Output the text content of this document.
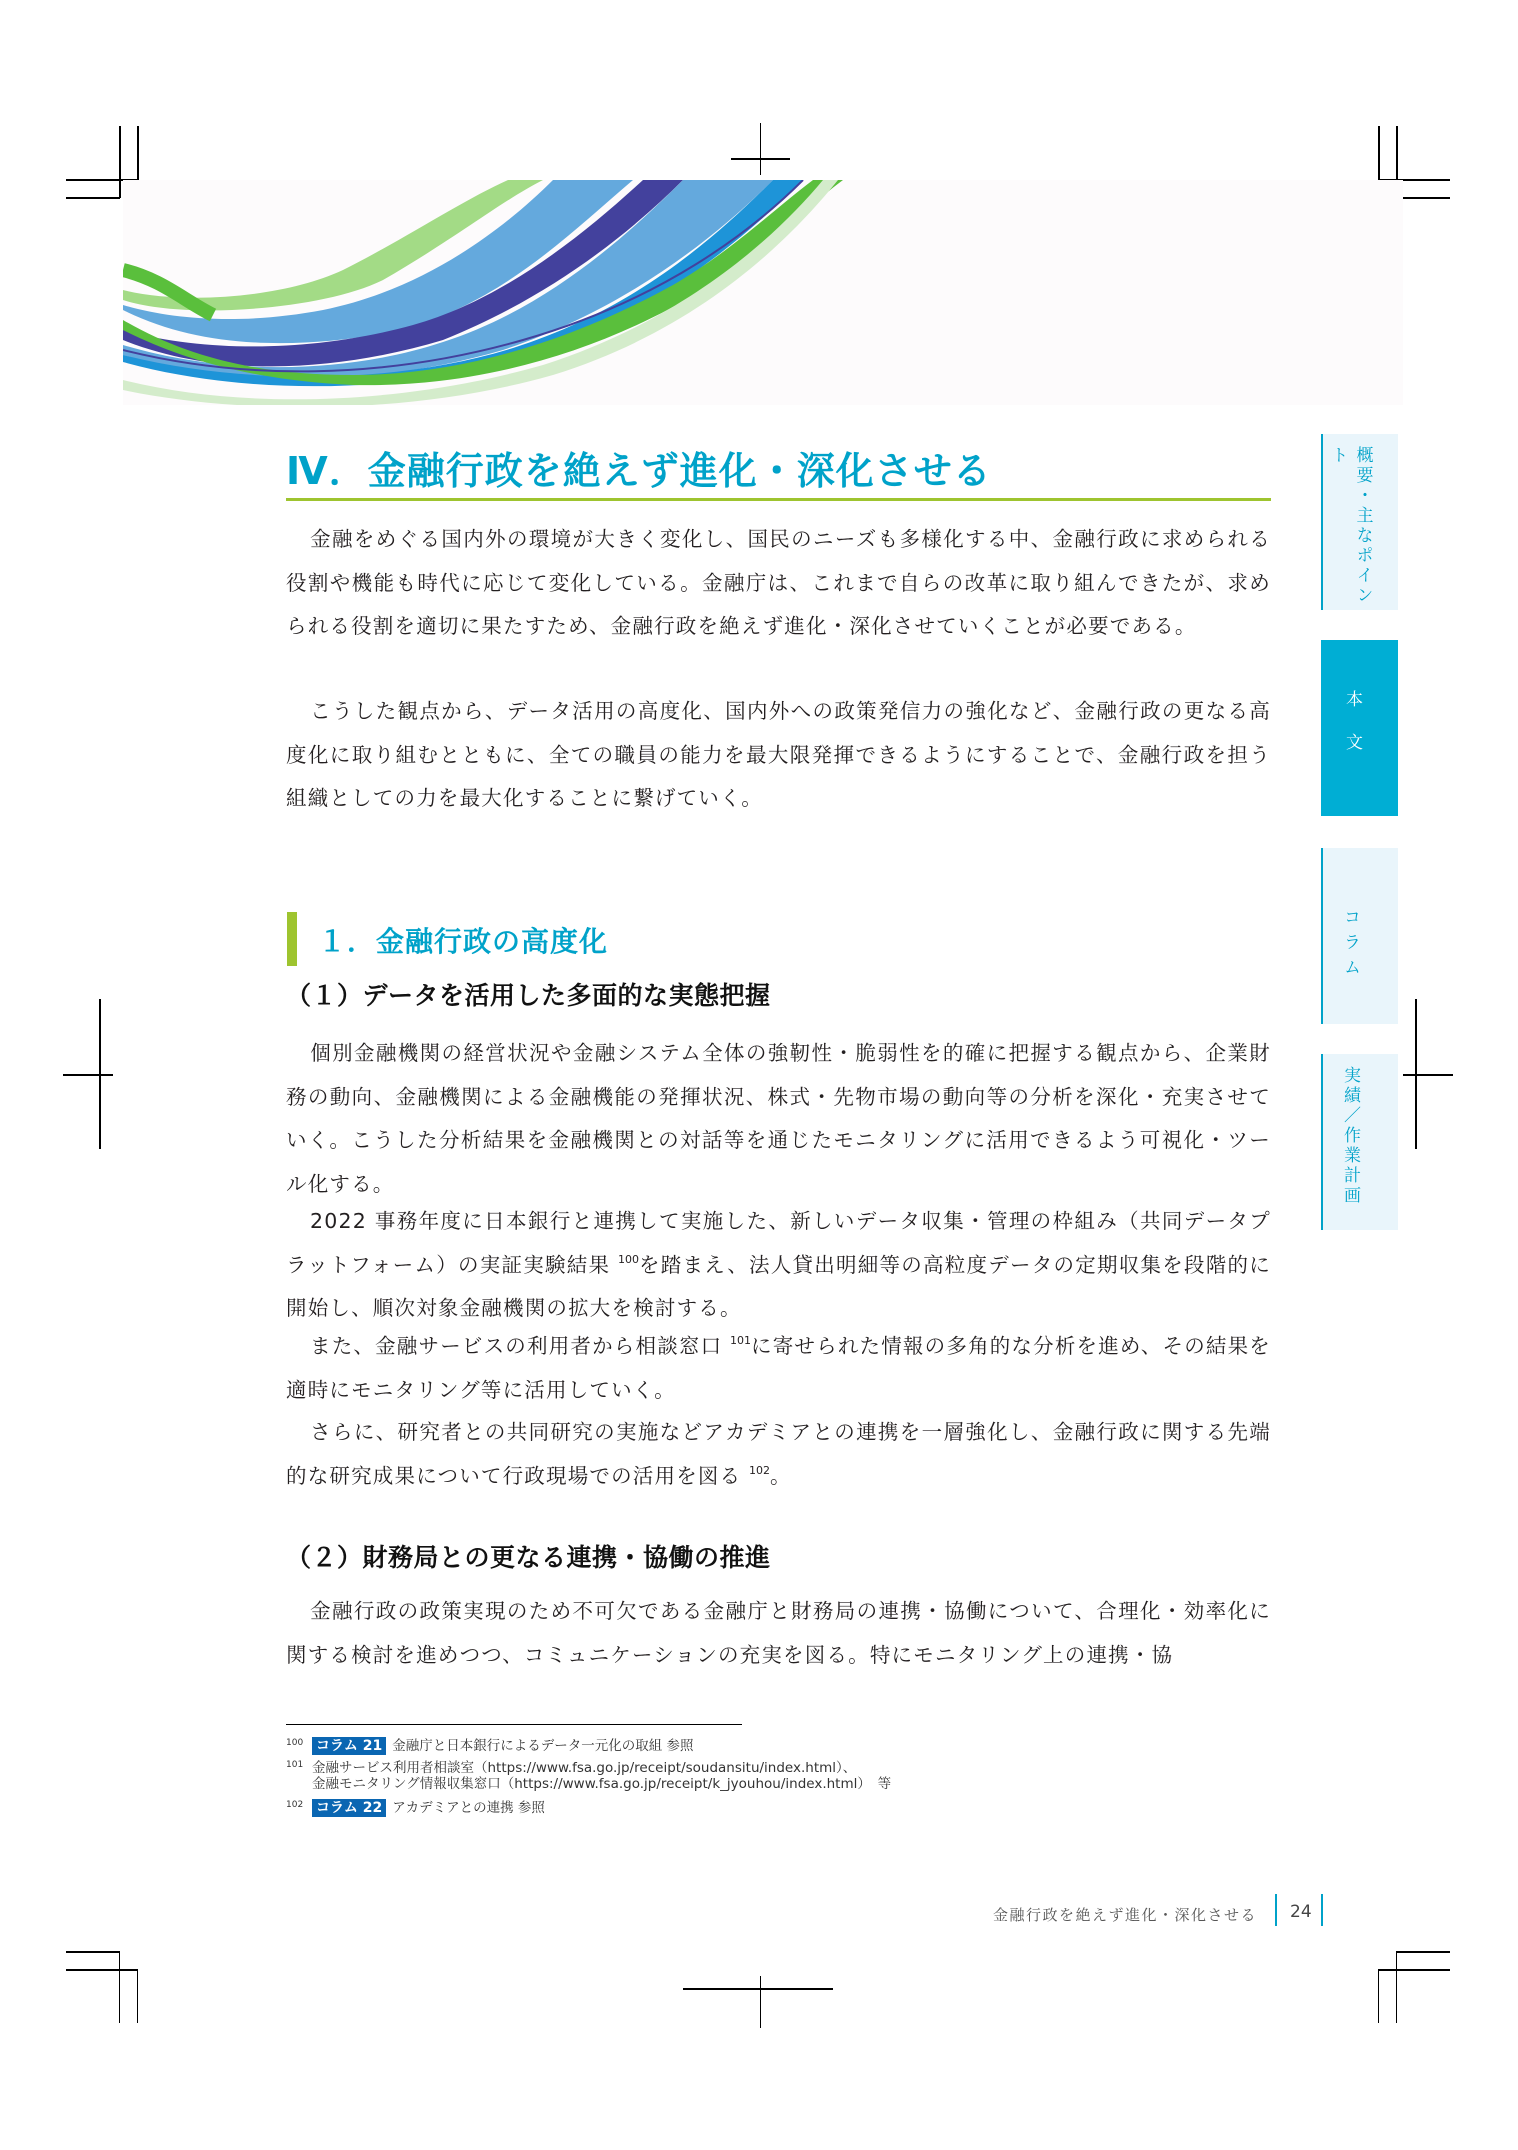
Ⅳ．金融行政を絶えず進化・深化させる
金融をめぐる国内外の環境が大きく変化し、国民のニーズも多様化する中、金融行政に求められる役割や機能も時代に応じて変化している。金融庁は、これまで自らの改革に取り組んできたが、求められる役割を適切に果たすため、金融行政を絶えず進化・深化させていくことが必要である。
こうした観点から、データ活用の高度化、国内外への政策発信力の強化など、金融行政の更なる高度化に取り組むとともに、全ての職員の能力を最大限発揮できるようにすることで、金融行政を担う組織としての力を最大化することに繋げていく。
１．金融行政の高度化
（１）データを活用した多面的な実態把握
個別金融機関の経営状況や金融システム全体の強靭性・脆弱性を的確に把握する観点から、企業財務の動向、金融機関による金融機能の発揮状況、株式・先物市場の動向等の分析を深化・充実させていく。こうした分析結果を金融機関との対話等を通じたモニタリングに活用できるよう可視化・ツール化する。
2022 事務年度に日本銀行と連携して実施した、新しいデータ収集・管理の枠組み（共同データプラットフォーム）の実証実験結果 $^{100}$を踏まえ、法人貸出明細等の高粒度データの定期収集を段階的に開始し、順次対象金融機関の拡大を検討する。
また、金融サービスの利用者から相談窓口 $^{101}$に寄せられた情報の多角的な分析を進め、その結果を適時にモニタリング等に活用していく。
さらに、研究者との共同研究の実施などアカデミアとの連携を一層強化し、金融行政に関する先端的な研究成果について行政現場での活用を図る $^{102}$。
（２）財務局との更なる連携・協働の推進
金融行政の政策実現のため不可欠である金融庁と財務局の連携・協働について、合理化・効率化に関する検討を進めつつ、コミュニケーションの充実を図る。特にモニタリング上の連携・協
100 コラム 21 金融庁と日本銀行によるデータ一元化の取組 参照
101 金融サービス利用者相談室（https://www.fsa.go.jp/receipt/soudansitu/index.html）、
金融モニタリング情報収集窓口（https://www.fsa.go.jp/receipt/k_jyouhou/index.html）　等
102 コラム 22 アカデミアとの連携 参照
概要・主なポイント
本文
コラム
実績／作業計画
金融行政を絶えず進化・深化させる 24
